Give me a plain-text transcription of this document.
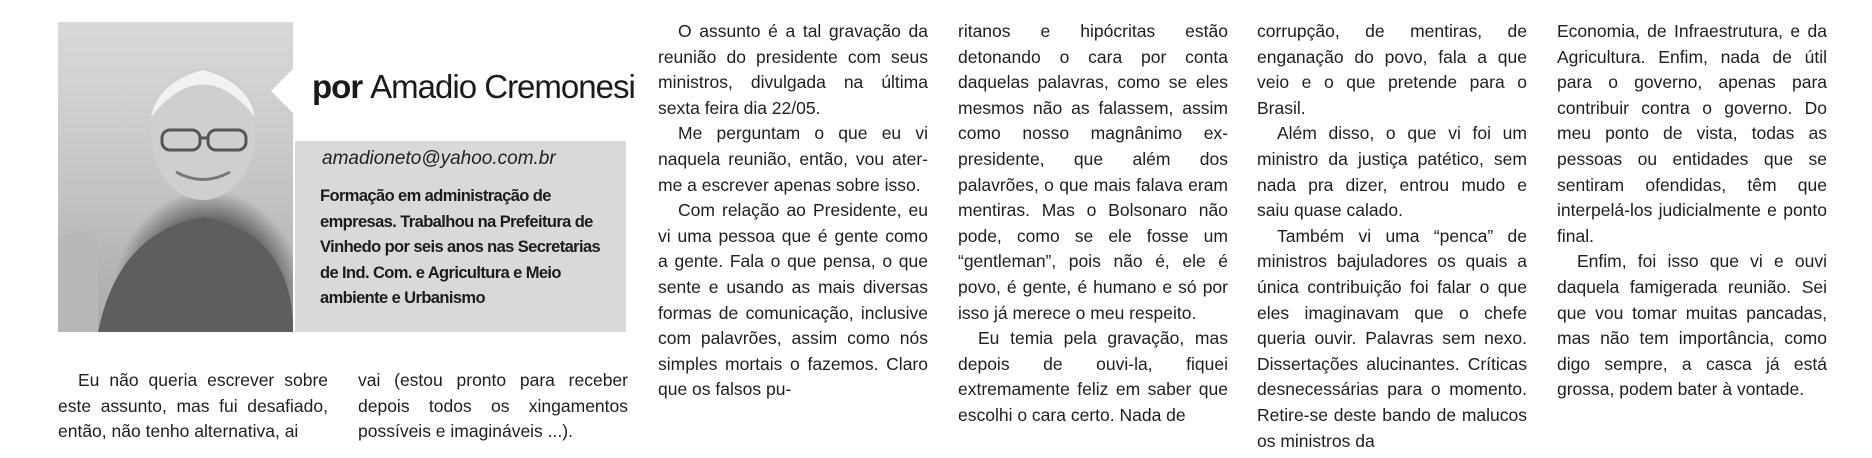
por Amadio Cremonesi
amadioneto@yahoo.com.br
Formação em administração de empresas. Trabalhou na Prefeitura de Vinhedo por seis anos nas Secretarias de Ind. Com. e Agricultura e Meio ambiente e Urbanismo

Eu não queria escrever sobre este assunto, mas fui desafiado, então, não tenho alternativa, ai

vai (estou pronto para receber depois todos os xingamentos possíveis e imagináveis ...).

O assunto é a tal gravação da reunião do presidente com seus ministros, divulgada na última sexta feira dia 22/05.

Me perguntam o que eu vi naquela reunião, então, vou ater-me a escrever apenas sobre isso.

Com relação ao Presidente, eu vi uma pessoa que é gente como a gente. Fala o que pensa, o que sente e usando as mais diversas formas de comunicação, inclusive com palavrões, assim como nós simples mortais o fazemos. Claro que os falsos pu-

ritanos e hipócritas estão detonando o cara por conta daquelas palavras, como se eles mesmos não as falassem, assim como nosso magnânimo ex-presidente, que além dos palavrões, o que mais falava eram mentiras. Mas o Bolsonaro não pode, como se ele fosse um “gentleman”, pois não é, ele é povo, é gente, é humano e só por isso já merece o meu respeito.

Eu temia pela gravação, mas depois de ouvi-la, fiquei extremamente feliz em saber que escolhi o cara certo. Nada de

corrupção, de mentiras, de enganação do povo, fala a que veio e o que pretende para o Brasil.

Além disso, o que vi foi um ministro da justiça patético, sem nada pra dizer, entrou mudo e saiu quase calado.

Também vi uma “penca” de ministros bajuladores os quais a única contribuição foi falar o que eles imaginavam que o chefe queria ouvir. Palavras sem nexo. Dissertações alucinantes. Críticas desnecessárias para o momento. Retire-se deste bando de malucos os ministros da

Economia, de Infraestrutura, e da Agricultura. Enfim, nada de útil para o governo, apenas para contribuir contra o governo. Do meu ponto de vista, todas as pessoas ou entidades que se sentiram ofendidas, têm que interpelá-los judicialmente e ponto final.

Enfim, foi isso que vi e ouvi daquela famigerada reunião. Sei que vou tomar muitas pancadas, mas não tem importância, como digo sempre, a casca já está grossa, podem bater à vontade.
